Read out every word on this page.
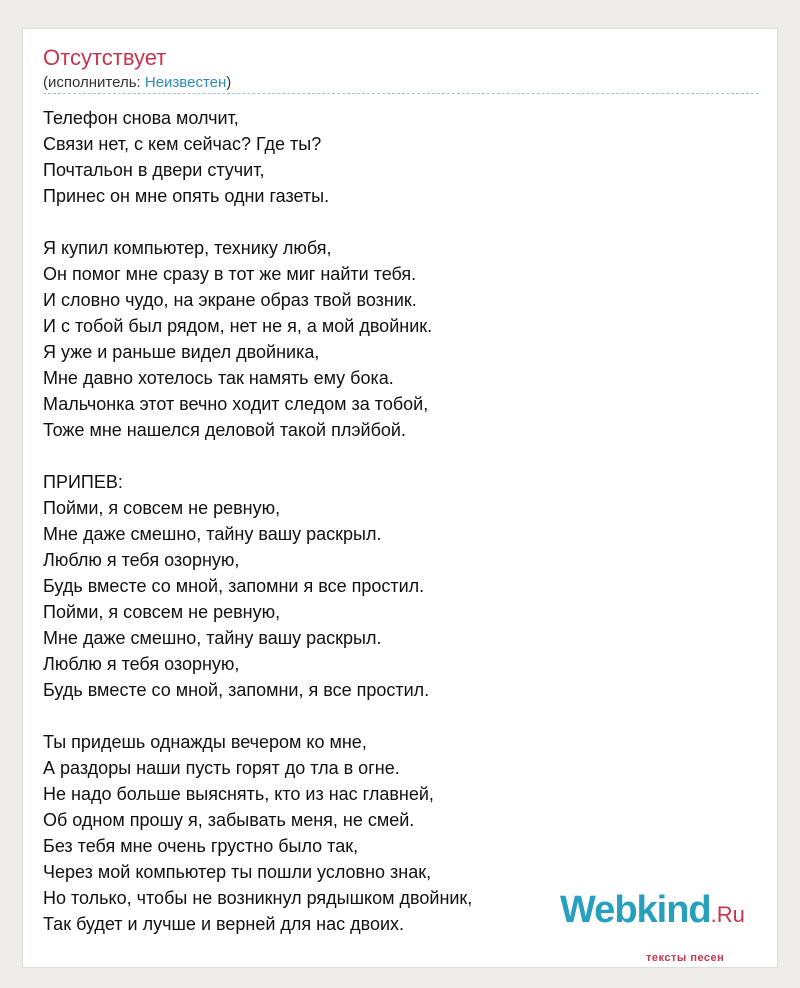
Отсутствует
(исполнитель: Неизвестен)
Телефон снова молчит,
Связи нет, с кем сейчас? Где ты?
Почтальон в двери стучит,
Принес он мне опять одни газеты.
Я купил компьютер, технику любя,
Он помог мне сразу в тот же миг найти тебя.
И словно чудо, на экране образ твой возник.
И с тобой был рядом, нет не я, а мой двойник.
Я уже и раньше видел двойника,
Мне давно хотелось так намять ему бока.
Мальчонка этот вечно ходит следом за тобой,
Тоже мне нашелся деловой такой плэйбой.
ПРИПЕВ:
Пойми, я совсем не ревную,
Мне даже смешно, тайну вашу раскрыл.
Люблю я тебя озорную,
Будь вместе со мной, запомни я все простил.
Пойми, я совсем не ревную,
Мне даже смешно, тайну вашу раскрыл.
Люблю я тебя озорную,
Будь вместе со мной, запомни, я все простил.
Ты придешь однажды вечером ко мне,
А раздоры наши пусть горят до тла в огне.
Не надо больше выяснять, кто из нас главней,
Об одном прошу я, забывать меня, не смей.
Без тебя мне очень грустно было так,
Через мой компьютер ты пошли условно знак,
Но только, чтобы не возникнул рядышком двойник,
Так будет и лучше и верней для нас двоих.	Webkind.Ru
тексты песен
